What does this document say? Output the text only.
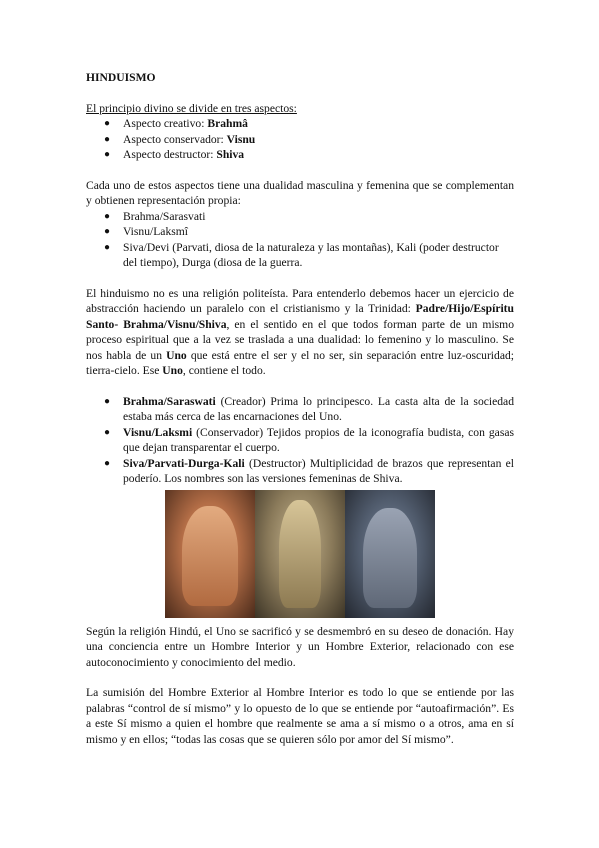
HINDUISMO

El principio divino se divide en tres aspectos:

● Aspecto creativo: Brahmâ
● Aspecto conservador: Visnu
● Aspecto destructor: Shiva

Cada uno de estos aspectos tiene una dualidad masculina y femenina que se complementan y obtienen representación propia:

● Brahma/Sarasvati
● Visnu/Laksmî
● Siva/Devi (Parvati, diosa de la naturaleza y las montañas), Kali (poder destructor del tiempo), Durga (diosa de la guerra.

El hinduismo no es una religión politeísta. Para entenderlo debemos hacer un ejercicio de abstracción haciendo un paralelo con el cristianismo y la Trinidad: Padre/Hijo/Espíritu Santo- Brahma/Visnu/Shiva, en el sentido en el que todos forman parte de un mismo proceso espiritual que a la vez se traslada a una dualidad: lo femenino y lo masculino. Se nos habla de un Uno que está entre el ser y el no ser, sin separación entre luz-oscuridad; tierra-cielo. Ese Uno, contiene el todo.

● Brahma/Saraswati (Creador) Prima lo principesco. La casta alta de la sociedad estaba más cerca de las encarnaciones del Uno.
● Visnu/Laksmi (Conservador) Tejidos propios de la iconografía budista, con gasas que dejan transparentar el cuerpo.
● Siva/Parvati-Durga-Kali (Destructor) Multiplicidad de brazos que representan el poderío. Los nombres son las versiones femeninas de Shiva.

Según la religión Hindú, el Uno se sacrificó y se desmembró en su deseo de donación. Hay una conciencia entre un Hombre Interior y un Hombre Exterior, relacionado con ese autoconocimiento y conocimiento del medio.

La sumisión del Hombre Exterior al Hombre Interior es todo lo que se entiende por las palabras “control de sí mismo” y lo opuesto de lo que se entiende por “autoafirmación”. Es a este Sí mismo a quien el hombre que realmente se ama a sí mismo o a otros, ama en sí mismo y en ellos; “todas las cosas que se quieren sólo por amor del Sí mismo”.
